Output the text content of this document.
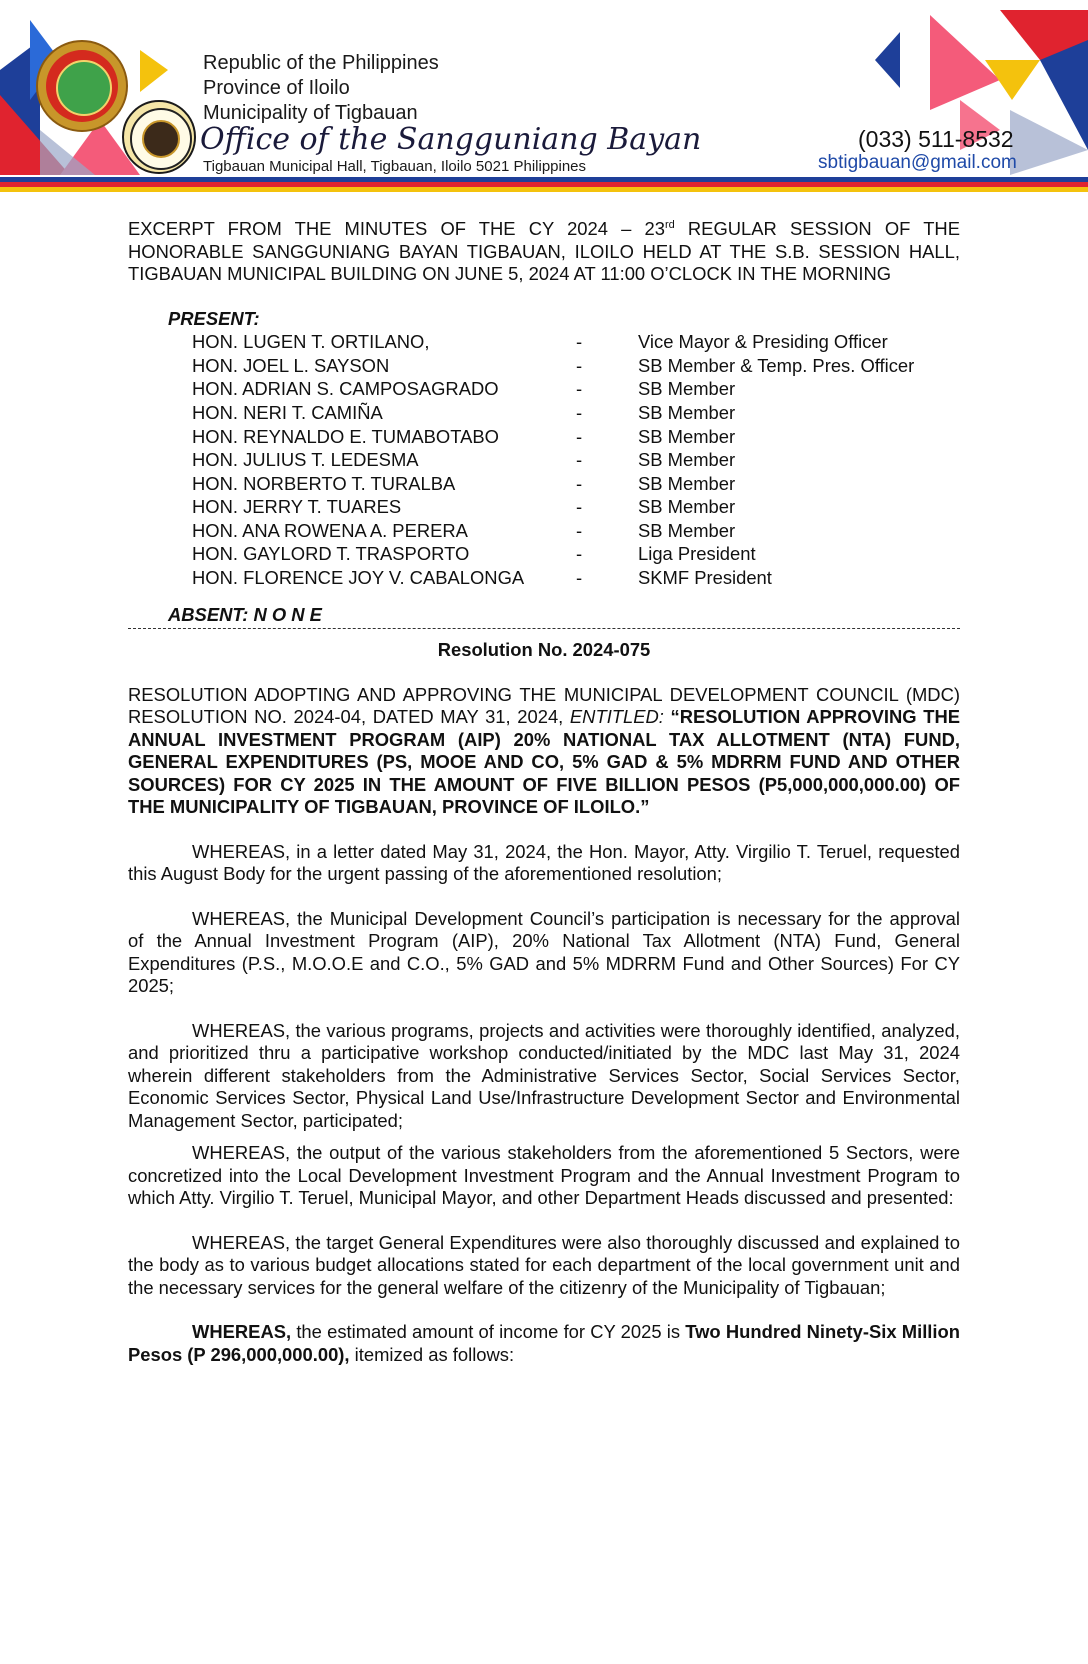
Republic of the Philippines
Province of Iloilo
Municipality of Tigbauan
Office of the Sangguniang Bayan
Tigbauan Municipal Hall, Tigbauan, Iloilo 5021 Philippines
(033) 511-8532
sbtigbauan@gmail.com

EXCERPT FROM THE MINUTES OF THE CY 2024 – 23rd REGULAR SESSION OF THE HONORABLE SANGGUNIANG BAYAN TIGBAUAN, ILOILO HELD AT THE S.B. SESSION HALL, TIGBAUAN MUNICIPAL BUILDING ON JUNE 5, 2024 AT 11:00 O’CLOCK IN THE MORNING

PRESENT:
HON. LUGEN T. ORTILANO,	-	Vice Mayor & Presiding Officer
HON. JOEL L. SAYSON	-	SB Member & Temp. Pres. Officer
HON. ADRIAN S. CAMPOSAGRADO	-	SB Member
HON. NERI T. CAMIÑA	-	SB Member
HON. REYNALDO E. TUMABOTABO	-	SB Member
HON. JULIUS T. LEDESMA	-	SB Member
HON. NORBERTO T. TURALBA	-	SB Member
HON. JERRY T. TUARES	-	SB Member
HON. ANA ROWENA A. PERERA	-	SB Member
HON. GAYLORD T. TRASPORTO	-	Liga President
HON. FLORENCE JOY V. CABALONGA	-	SKMF President
ABSENT: N O N E
Resolution No. 2024-075

RESOLUTION ADOPTING AND APPROVING THE MUNICIPAL DEVELOPMENT COUNCIL (MDC) RESOLUTION NO. 2024-04, DATED MAY 31, 2024, ENTITLED: “RESOLUTION APPROVING THE ANNUAL INVESTMENT PROGRAM (AIP) 20% NATIONAL TAX ALLOTMENT (NTA) FUND, GENERAL EXPENDITURES (PS, MOOE AND CO, 5% GAD & 5% MDRRM FUND AND OTHER SOURCES) FOR CY 2025 IN THE AMOUNT OF FIVE BILLION PESOS (P5,000,000,000.00) OF THE MUNICIPALITY OF TIGBAUAN, PROVINCE OF ILOILO.”

WHEREAS, in a letter dated May 31, 2024, the Hon. Mayor, Atty. Virgilio T. Teruel, requested this August Body for the urgent passing of the aforementioned resolution;

WHEREAS, the Municipal Development Council’s participation is necessary for the approval of the Annual Investment Program (AIP), 20% National Tax Allotment (NTA) Fund, General Expenditures (P.S., M.O.O.E and C.O., 5% GAD and 5% MDRRM Fund and Other Sources) For CY 2025;

WHEREAS, the various programs, projects and activities were thoroughly identified, analyzed, and prioritized thru a participative workshop conducted/initiated by the MDC last May 31, 2024 wherein different stakeholders from the Administrative Services Sector, Social Services Sector, Economic Services Sector, Physical Land Use/Infrastructure Development Sector and Environmental Management Sector, participated;

WHEREAS, the output of the various stakeholders from the aforementioned 5 Sectors, were concretized into the Local Development Investment Program and the Annual Investment Program to which Atty. Virgilio T. Teruel, Municipal Mayor, and other Department Heads discussed and presented:

WHEREAS, the target General Expenditures were also thoroughly discussed and explained to the body as to various budget allocations stated for each department of the local government unit and the necessary services for the general welfare of the citizenry of the Municipality of Tigbauan;

WHEREAS, the estimated amount of income for CY 2025 is Two Hundred Ninety-Six Million Pesos (P 296,000,000.00), itemized as follows:
